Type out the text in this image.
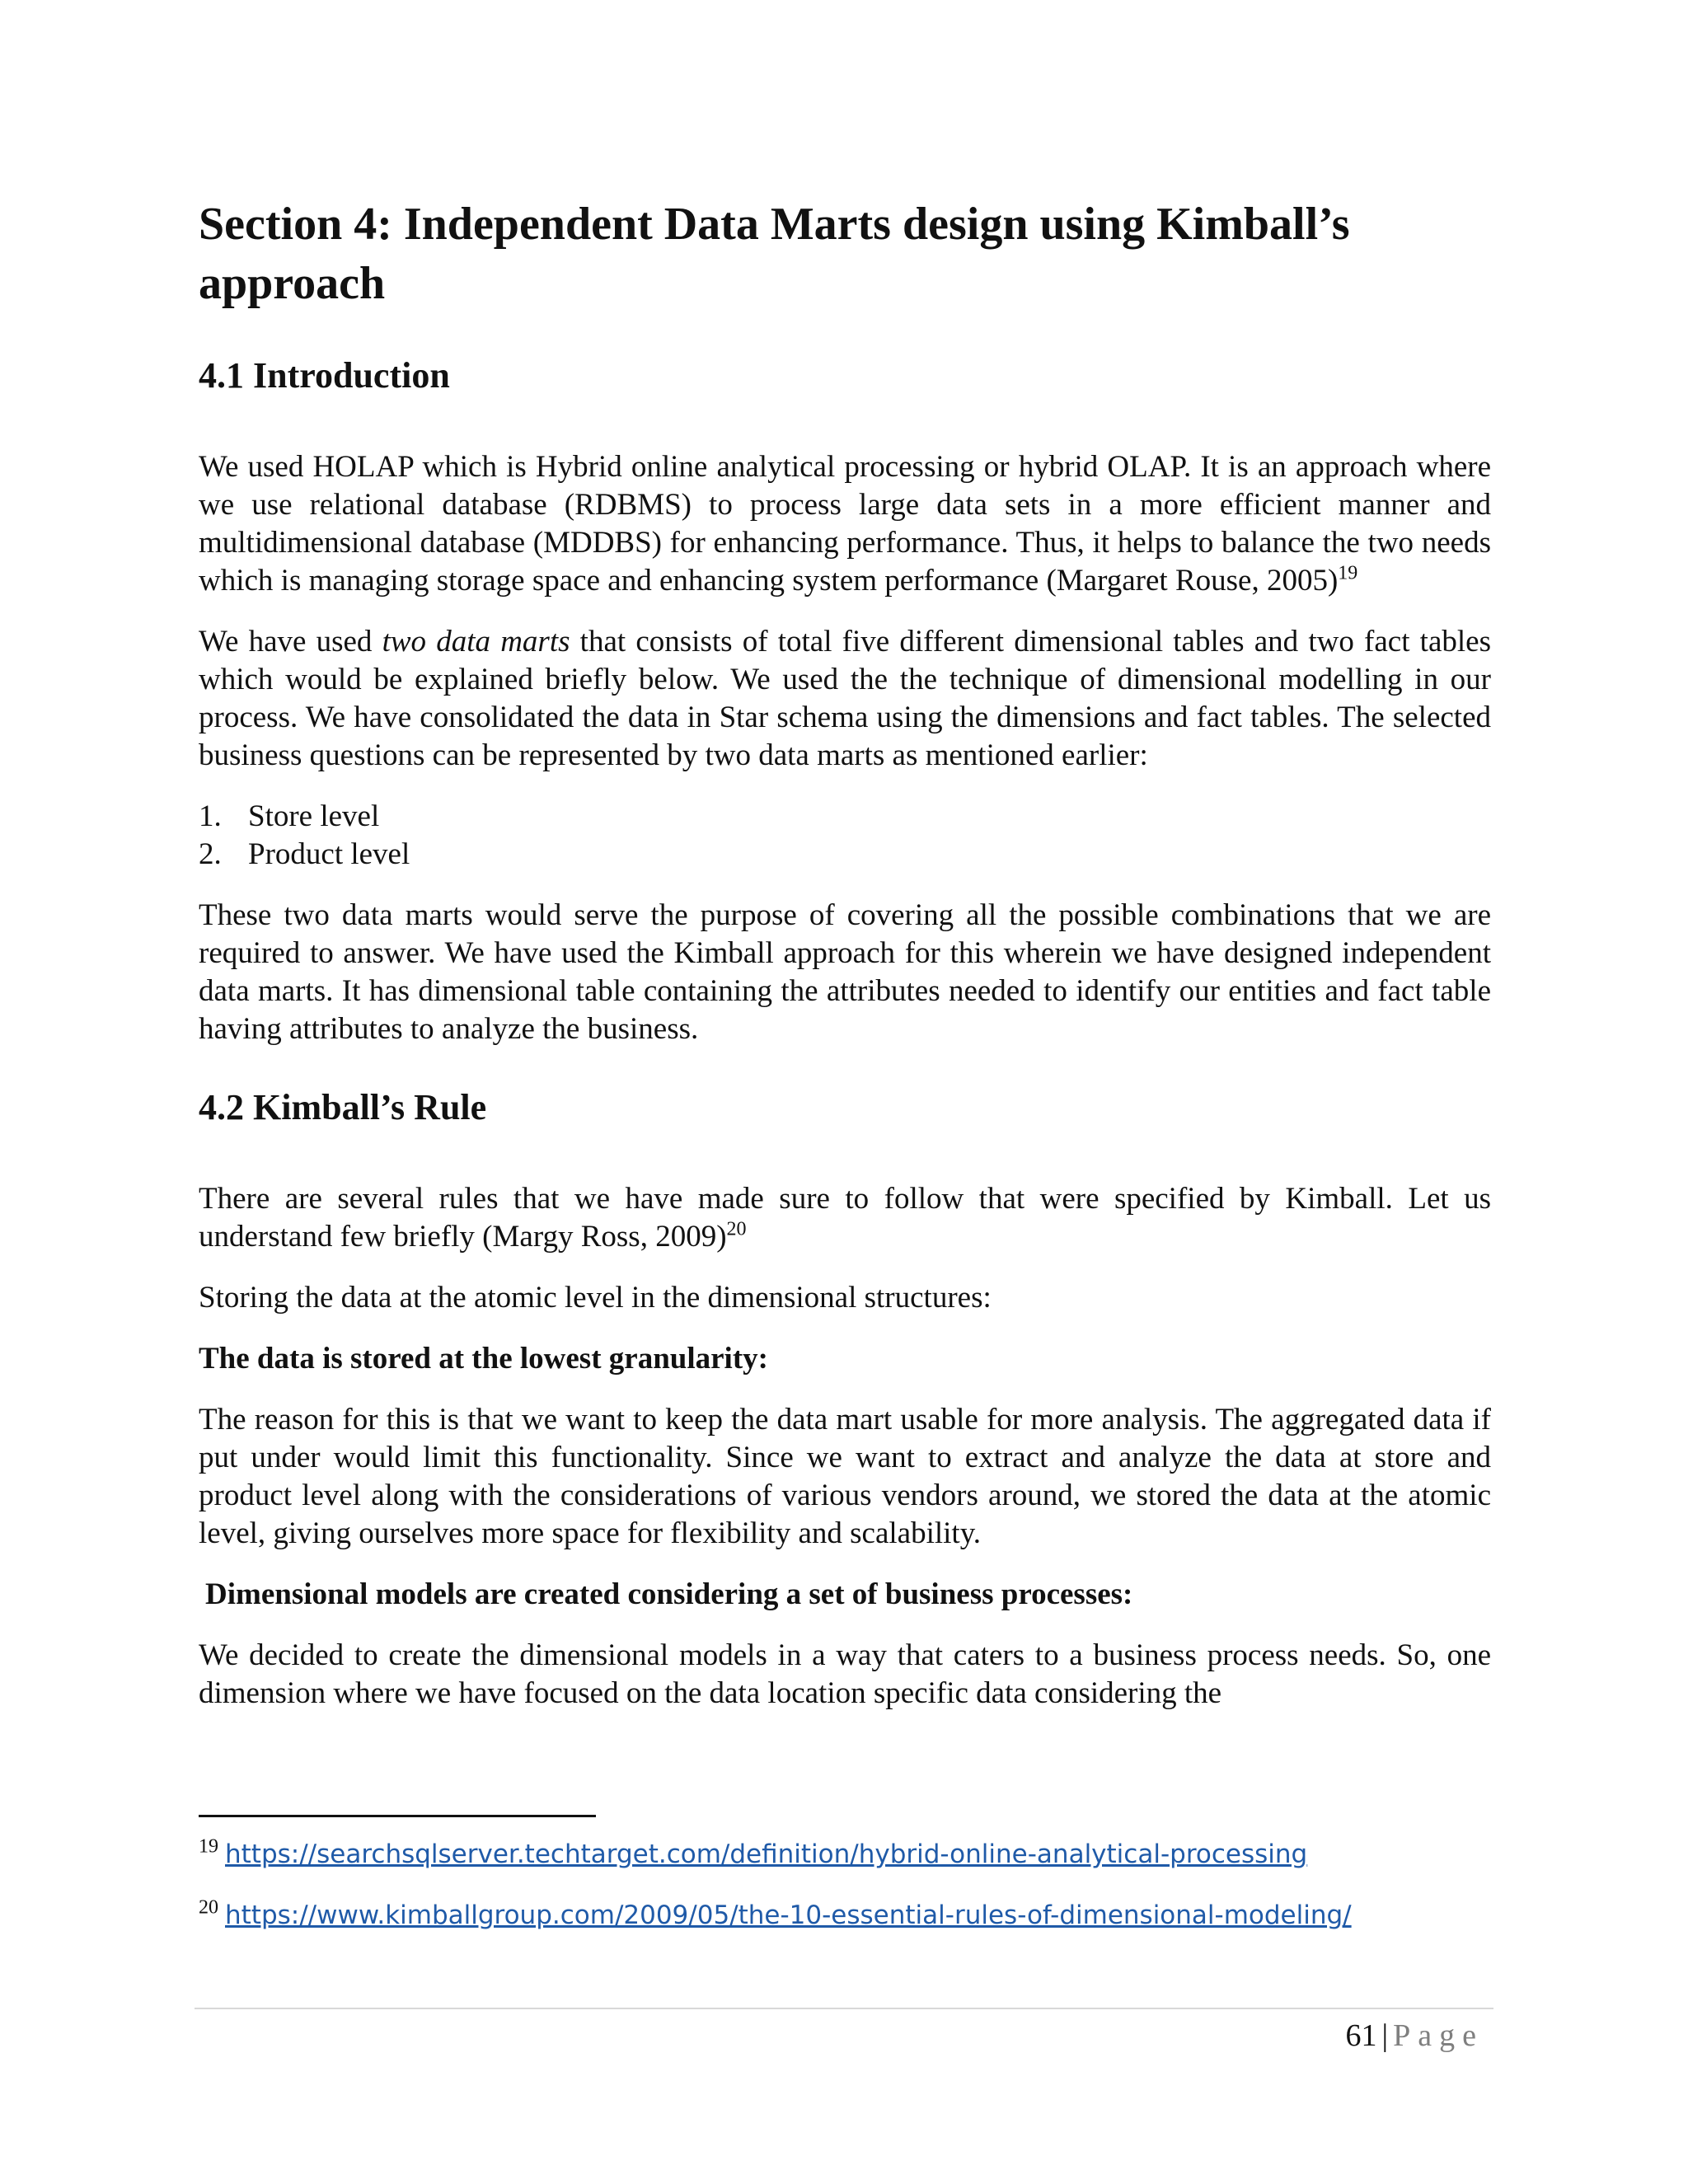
Section 4: Independent Data Marts design using Kimball’s approach
4.1 Introduction

We used HOLAP which is Hybrid online analytical processing or hybrid OLAP. It is an approach where we use relational database (RDBMS) to process large data sets in a more efficient manner and multidimensional database (MDDBS) for enhancing performance. Thus, it helps to balance the two needs which is managing storage space and enhancing system performance (Margaret Rouse, 2005)$^{19}$

We have used two data marts that consists of total five different dimensional tables and two fact tables which would be explained briefly below. We used the the technique of dimensional modelling in our process. We have consolidated the data in Star schema using the dimensions and fact tables. The selected business questions can be represented by two data marts as mentioned earlier:

1. Store level
2. Product level

These two data marts would serve the purpose of covering all the possible combinations that we are required to answer. We have used the Kimball approach for this wherein we have designed independent data marts. It has dimensional table containing the attributes needed to identify our entities and fact table having attributes to analyze the business.

4.2 Kimball’s Rule

There are several rules that we have made sure to follow that were specified by Kimball. Let us understand few briefly (Margy Ross, 2009)$^{20}$

Storing the data at the atomic level in the dimensional structures:

The data is stored at the lowest granularity:

The reason for this is that we want to keep the data mart usable for more analysis. The aggregated data if put under would limit this functionality. Since we want to extract and analyze the data at store and product level along with the considerations of various vendors around, we stored the data at the atomic level, giving ourselves more space for flexibility and scalability.

Dimensional models are created considering a set of business processes:

We decided to create the dimensional models in a way that caters to a business process needs. So, one dimension where we have focused on the data location specific data considering the

$^{19}$ https://searchsqlserver.techtarget.com/definition/hybrid-online-analytical-processing
$^{20}$ https://www.kimballgroup.com/2009/05/the-10-essential-rules-of-dimensional-modeling/
61 | Page
